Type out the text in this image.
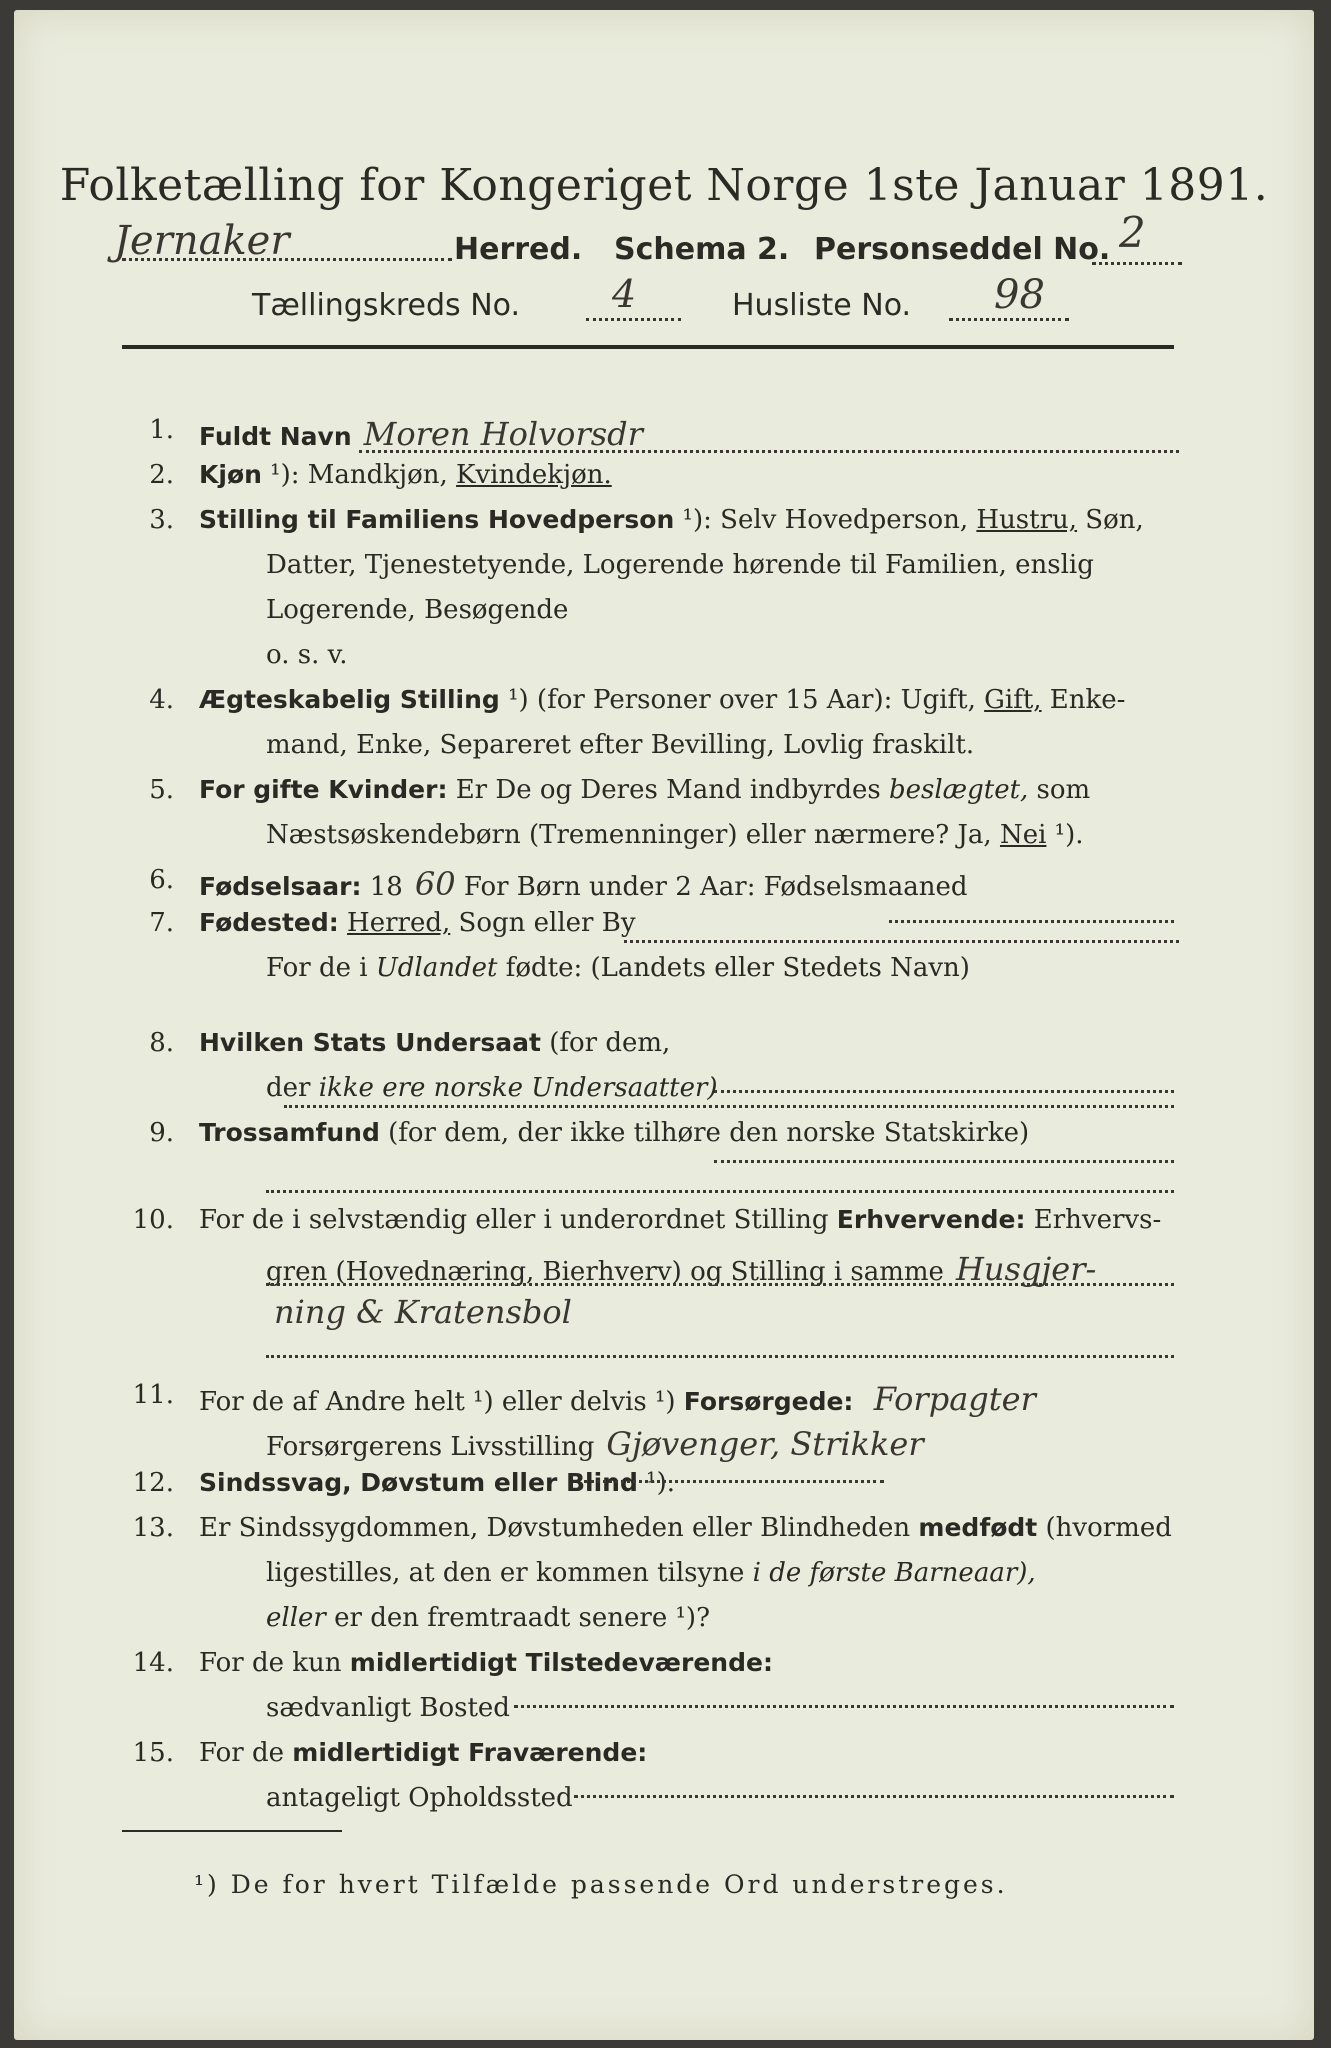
Folketælling for Kongeriget Norge 1ste Januar 1891.
Jernaker	Herred. Schema 2. Personseddel No. 2
Tællingskreds No. 4	Husliste No. 98
1. Fuldt Navn Moren Holvorsdr
2. Kjøn ¹): Mandkjøn, Kvindekjøn.
3. Stilling til Familiens Hovedperson ¹): Selv Hovedperson, Hustru, Søn,
Datter, Tjenestetyende, Logerende hørende til Familien, enslig
Logerende, Besøgende
o. s. v.
4. Ægteskabelig Stilling ¹) (for Personer over 15 Aar): Ugift, Gift, Enke-
mand, Enke, Separeret efter Bevilling, Lovlig fraskilt.
5. For gifte Kvinder: Er De og Deres Mand indbyrdes beslægtet, som
Næstsøskendebørn (Tremenninger) eller nærmere? Ja, Nei ¹).
6. Fødselsaar: 18 60 For Børn under 2 Aar: Fødselsmaaned
7. Fødested: Herred, Sogn eller By
For de i Udlandet fødte: (Landets eller Stedets Navn)
8. Hvilken Stats Undersaat (for dem,
der ikke ere norske Undersaatter)
9. Trossamfund (for dem, der ikke tilhøre den norske Statskirke)
10. For de i selvstændig eller i underordnet Stilling Erhvervende: Erhvervs-
gren (Hovednæring, Bierhverv) og Stilling i samme Husgjer-
ning & Kratensbol
11. For de af Andre helt ¹) eller delvis ¹) Forsørgede: Forpagter
Forsørgerens Livsstilling Gjøvenger, Strikker
12. Sindssvag, Døvstum eller Blind ¹).
13. Er Sindssygdommen, Døvstumheden eller Blindheden medfødt (hvormed
ligestilles, at den er kommen tilsyne i de første Barneaar),
eller er den fremtraadt senere ¹)?
14. For de kun midlertidigt Tilstedeværende:
sædvanligt Bosted
15. For de midlertidigt Fraværende:
antageligt Opholdssted
¹) De for hvert Tilfælde passende Ord understreges.
